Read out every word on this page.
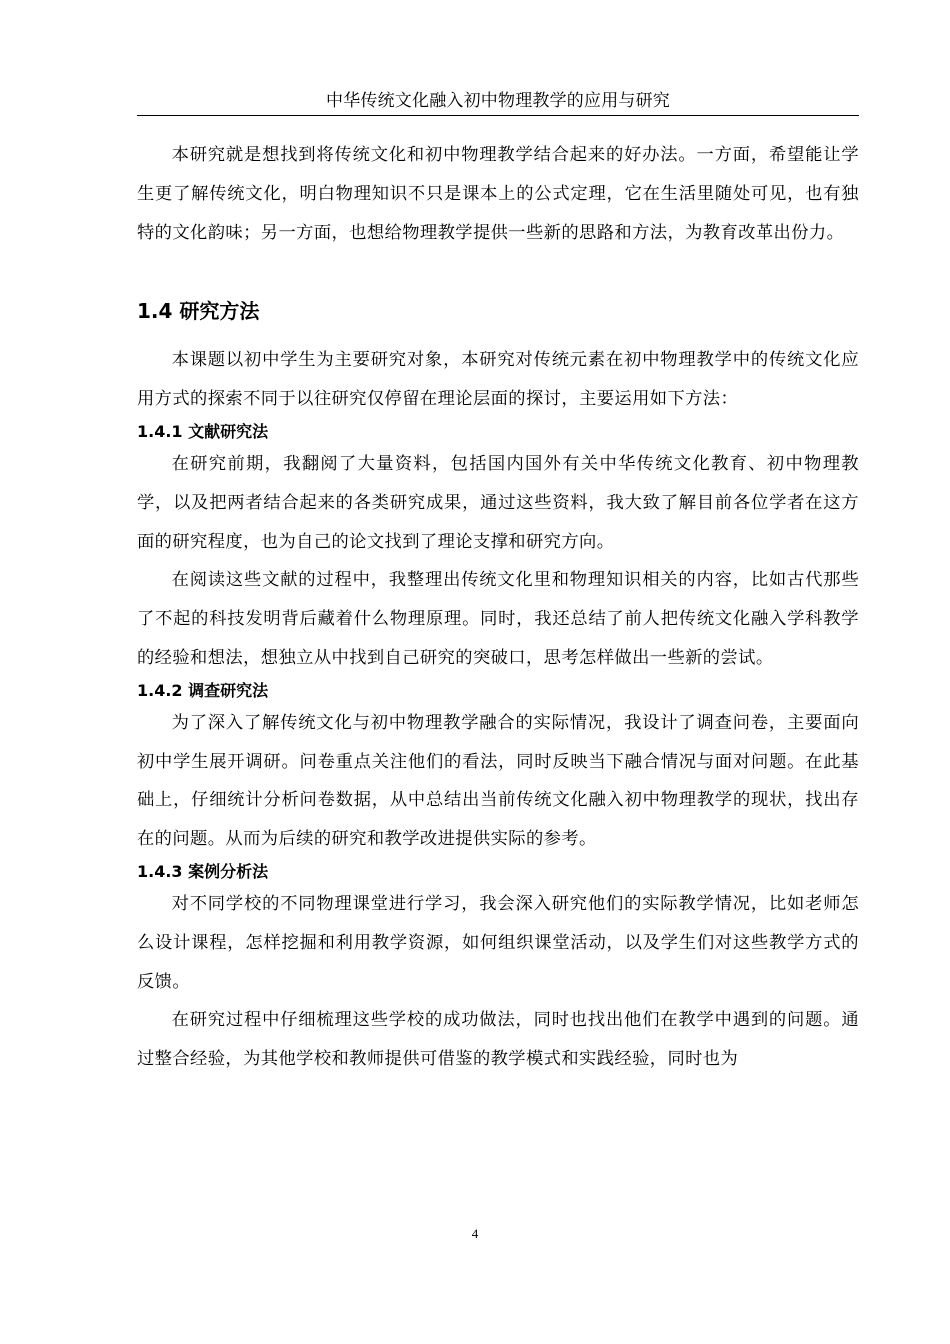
中华传统文化融入初中物理教学的应用与研究

本研究就是想找到将传统文化和初中物理教学结合起来的好办法。一方面，希望能让学生更了解传统文化，明白物理知识不只是课本上的公式定理，它在生活里随处可见，也有独特的文化韵味；另一方面，也想给物理教学提供一些新的思路和方法，为教育改革出份力。

1.4 研究方法

本课题以初中学生为主要研究对象，本研究对传统元素在初中物理教学中的传统文化应用方式的探索不同于以往研究仅停留在理论层面的探讨，主要运用如下方法：

1.4.1 文献研究法

在研究前期，我翻阅了大量资料，包括国内国外有关中华传统文化教育、初中物理教学，以及把两者结合起来的各类研究成果，通过这些资料，我大致了解目前各位学者在这方面的研究程度，也为自己的论文找到了理论支撑和研究方向。

在阅读这些文献的过程中，我整理出传统文化里和物理知识相关的内容，比如古代那些了不起的科技发明背后藏着什么物理原理。同时，我还总结了前人把传统文化融入学科教学的经验和想法，想独立从中找到自己研究的突破口，思考怎样做出一些新的尝试。

1.4.2 调查研究法

为了深入了解传统文化与初中物理教学融合的实际情况，我设计了调查问卷，主要面向初中学生展开调研。问卷重点关注他们的看法，同时反映当下融合情况与面对问题。在此基础上，仔细统计分析问卷数据，从中总结出当前传统文化融入初中物理教学的现状，找出存在的问题。从而为后续的研究和教学改进提供实际的参考。

1.4.3 案例分析法

对不同学校的不同物理课堂进行学习，我会深入研究他们的实际教学情况，比如老师怎么设计课程，怎样挖掘和利用教学资源，如何组织课堂活动，以及学生们对这些教学方式的反馈。

在研究过程中仔细梳理这些学校的成功做法，同时也找出他们在教学中遇到的问题。通过整合经验，为其他学校和教师提供可借鉴的教学模式和实践经验，同时也为

4
